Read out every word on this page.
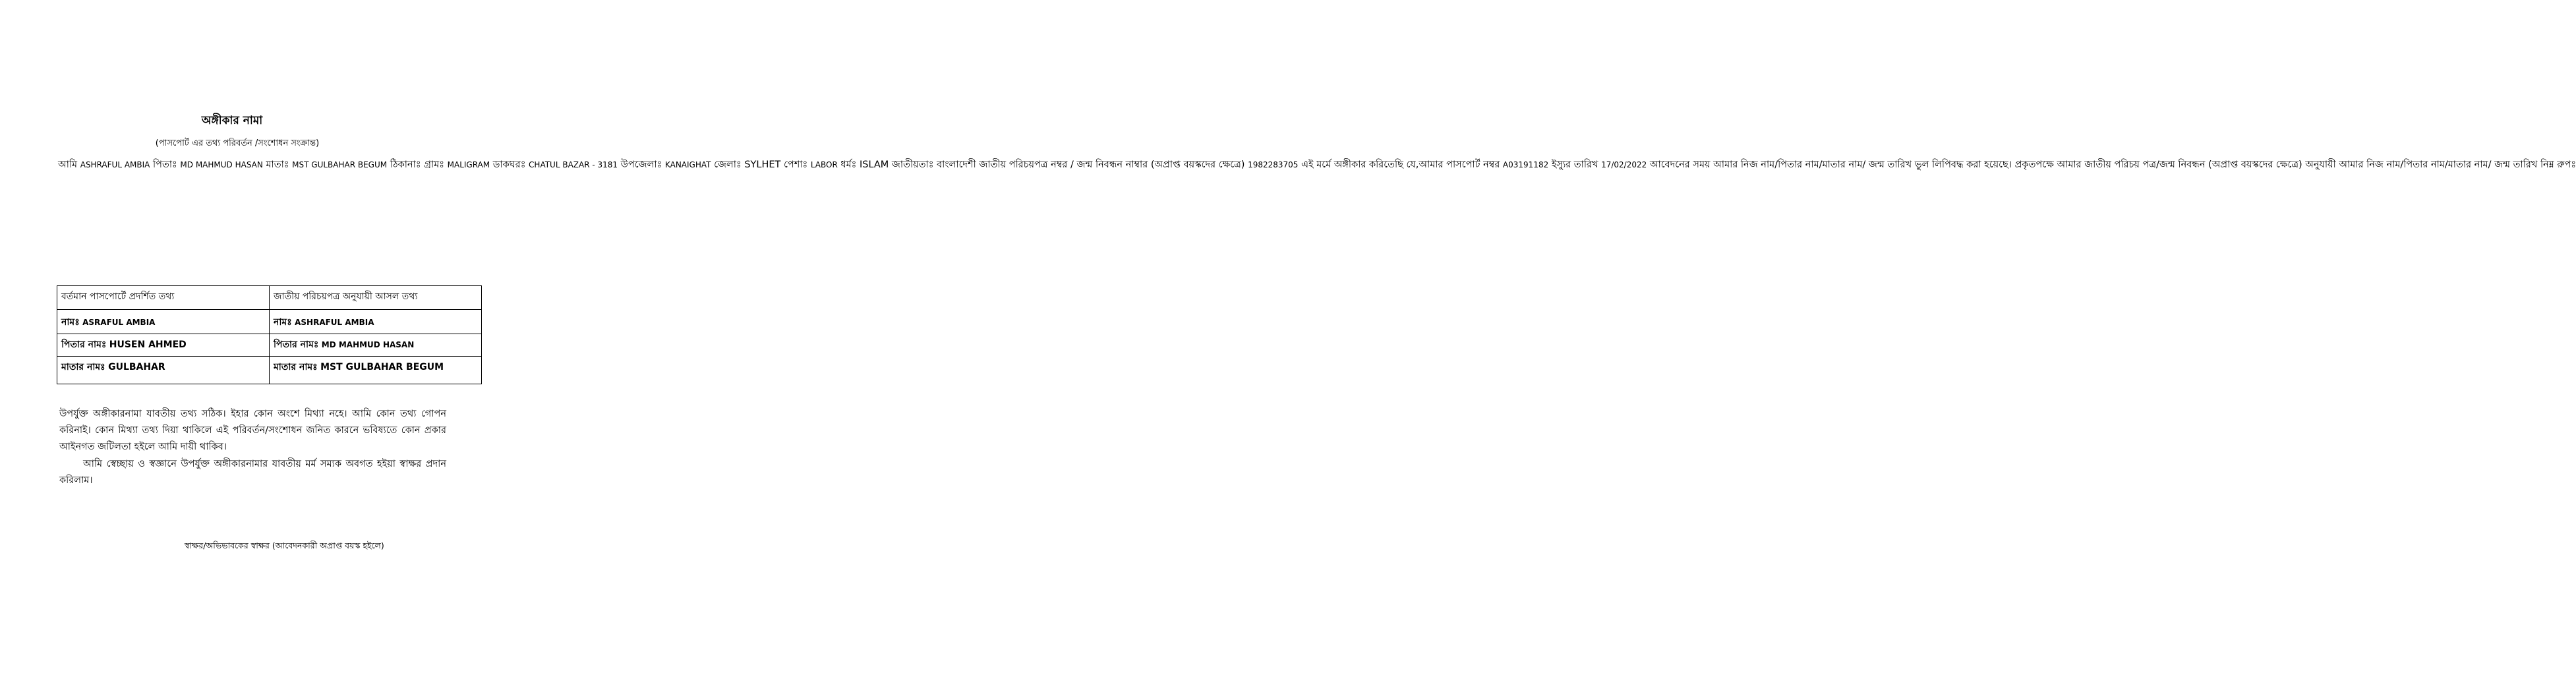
অঙ্গীকার নামা
(পাসপোর্ট এর তথ্য পরিবর্তন /সংশোধন সংক্রান্ত)

আমি ASHRAFUL AMBIA পিতাঃ MD MAHMUD HASAN মাতাঃ MST GULBAHAR BEGUM ঠিকানাঃ গ্রামঃ MALIGRAM ডাকঘরঃ CHATUL BAZAR - 3181 উপজেলাঃ KANAIGHAT জেলাঃ SYLHET পেশাঃ LABOR ধর্মঃ ISLAM জাতীয়তাঃ বাংলাদেশী জাতীয় পরিচয়পত্র নম্বর / জন্ম নিবন্ধন নাম্বার (অপ্রাপ্ত বয়স্কদের ক্ষেত্রে) 1982283705 এই মর্মে অঙ্গীকার করিতেছি যে,আমার পাসপোর্ট নম্বর A03191182 ইস্যুর তারিখ 17/02/2022 আবেদনের সময় আমার নিজ নাম/পিতার নাম/মাতার নাম/ জন্ম তারিখ ভুল লিপিবদ্ধ করা হয়েছে। প্রকৃতপক্ষে আমার জাতীয় পরিচয় পত্র/জন্ম নিবন্ধন (অপ্রাপ্ত বয়স্কদের ক্ষেত্রে) অনুযায়ী আমার নিজ নাম/পিতার নাম/মাতার নাম/ জন্ম তারিখ নিম্ন রুপঃ

বর্তমান পাসপোর্টে প্রদর্শিত তথ্য	জাতীয় পরিচয়পত্র অনুযায়ী আসল তথ্য
নামঃ ASRAFUL AMBIA	নামঃ ASHRAFUL AMBIA
পিতার নামঃ HUSEN AHMED	পিতার নামঃ MD MAHMUD HASAN
মাতার নামঃ GULBAHAR	মাতার নামঃ MST GULBAHAR BEGUM

উপর্যুক্ত অঙ্গীকারনামা যাবতীয় তথ্য সঠিক। ইহার কোন অংশে মিথ্যা নহে। আমি কোন তথ্য গোপন করিনাই। কোন মিথ্যা তথ্য দিয়া থাকিলে এই পরিবর্তন/সংশোধন জনিত কারনে ভবিষ্যতে কোন প্রকার আইনগত জটিলতা হইলে আমি দায়ী থাকিব।

আমি স্বেচ্ছায় ও স্বজ্ঞানে উপর্যুক্ত অঙ্গীকারনামার যাবতীয় মর্ম সম্যক অবগত হইয়া স্বাক্ষর প্রদান করিলাম।

স্বাক্ষর/অভিভাবকের স্বাক্ষর (আবেদনকারী অপ্রাপ্ত বয়স্ক হইলে)
